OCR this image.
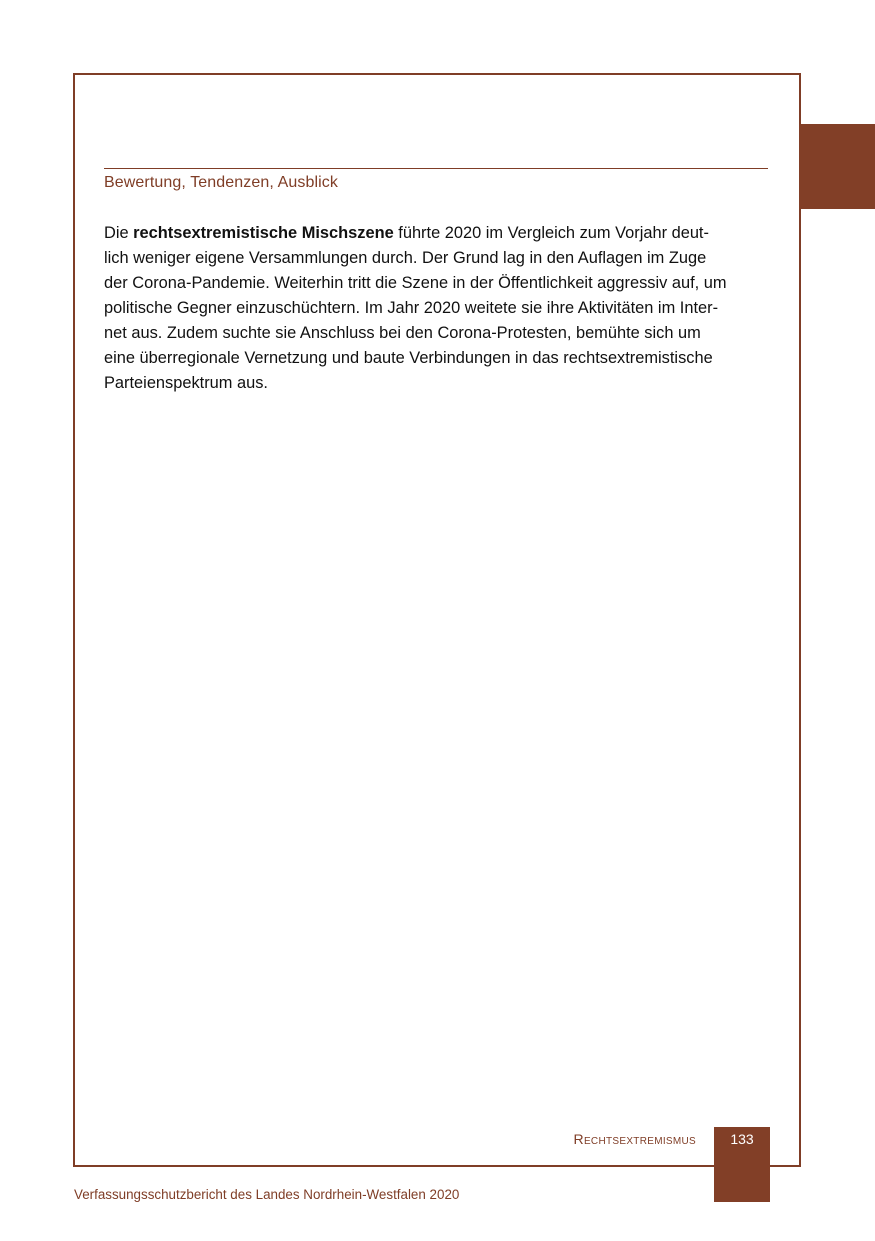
Bewertung, Tendenzen, Ausblick
Die rechtsextremistische Mischszene führte 2020 im Vergleich zum Vorjahr deut-
lich weniger eigene Versammlungen durch. Der Grund lag in den Auflagen im Zuge
der Corona-Pandemie. Weiterhin tritt die Szene in der Öffentlichkeit aggressiv auf, um
politische Gegner einzuschüchtern. Im Jahr 2020 weitete sie ihre Aktivitäten im Inter-
net aus. Zudem suchte sie Anschluss bei den Corona-Protesten, bemühte sich um
eine überregionale Vernetzung und baute Verbindungen in das rechtsextremistische
Parteienspektrum aus.
Rechtsextremismus	133
Verfassungsschutzbericht des Landes Nordrhein-Westfalen 2020
